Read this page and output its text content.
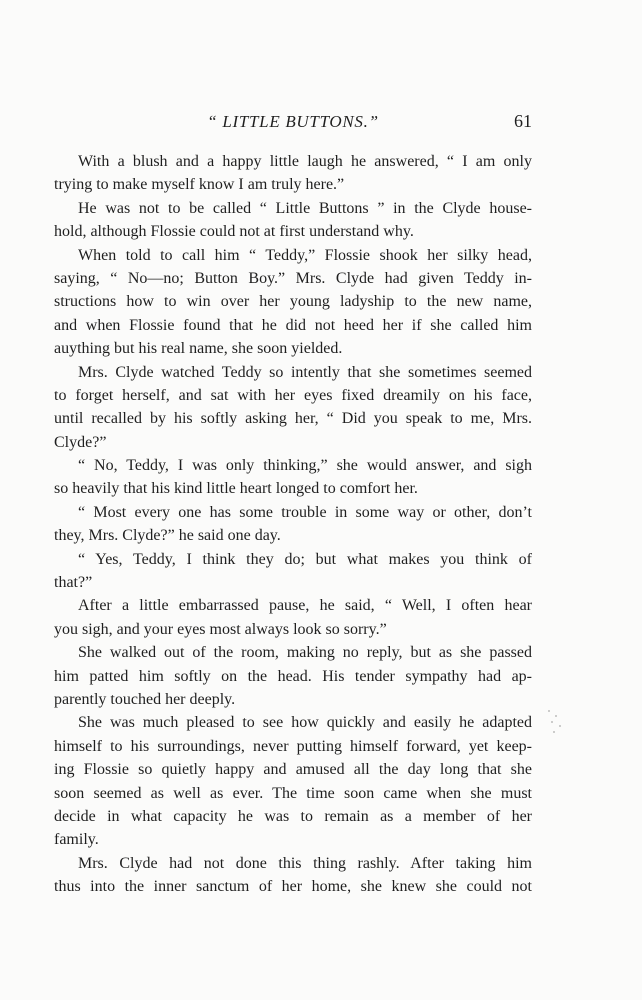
“ LITTLE BUTTONS.”	61
With a blush and a happy little laugh he answered, “ I am only
trying to make myself know I am truly here.”
He was not to be called “ Little Buttons ” in the Clyde house-
hold, although Flossie could not at first understand why.
When told to call him “ Teddy,” Flossie shook her silky head,
saying, “ No—no; Button Boy.” Mrs. Clyde had given Teddy in-
structions how to win over her young ladyship to the new name,
and when Flossie found that he did not heed her if she called him
auything but his real name, she soon yielded.
Mrs. Clyde watched Teddy so intently that she sometimes seemed
to forget herself, and sat with her eyes fixed dreamily on his face,
until recalled by his softly asking her, “ Did you speak to me, Mrs.
Clyde?”
“ No, Teddy, I was only thinking,” she would answer, and sigh
so heavily that his kind little heart longed to comfort her.
“ Most every one has some trouble in some way or other, don’t
they, Mrs. Clyde?” he said one day.
“ Yes, Teddy, I think they do; but what makes you think of
that?”
After a little embarrassed pause, he said, “ Well, I often hear
you sigh, and your eyes most always look so sorry.”
She walked out of the room, making no reply, but as she passed
him patted him softly on the head. His tender sympathy had ap-
parently touched her deeply.
She was much pleased to see how quickly and easily he adapted
himself to his surroundings, never putting himself forward, yet keep-
ing Flossie so quietly happy and amused all the day long that she
soon seemed as well as ever. The time soon came when she must
decide in what capacity he was to remain as a member of her
family.
Mrs. Clyde had not done this thing rashly. After taking him
thus into the inner sanctum of her home, she knew she could not
